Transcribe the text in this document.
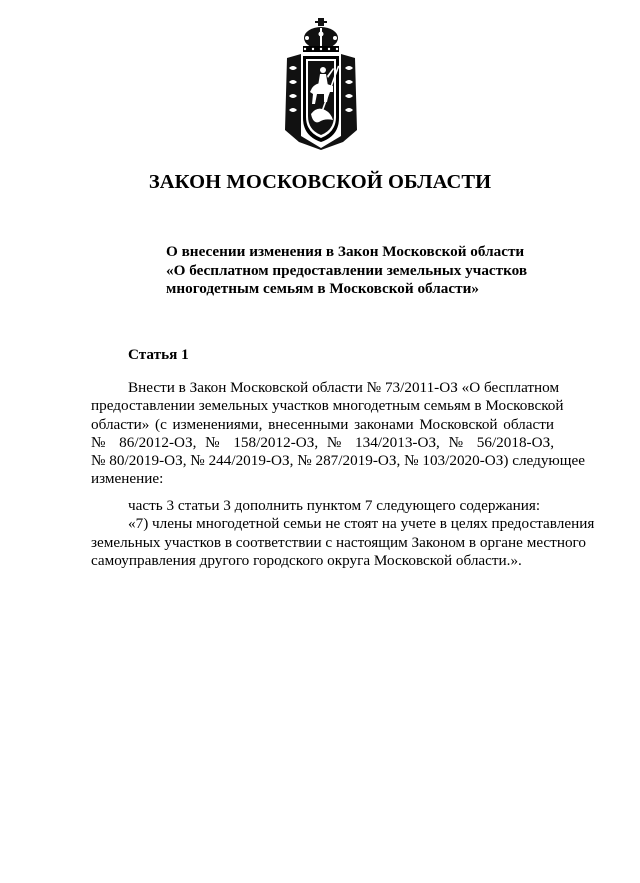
ЗАКОН МОСКОВСКОЙ ОБЛАСТИ
О внесении изменения в Закон Московской области
«О бесплатном предоставлении земельных участков
многодетным семьям в Московской области»
Статья 1
Внести в Закон Московской области № 73/2011-ОЗ «О бесплатном
предоставлении земельных участков многодетным семьям в Московской
области» (с изменениями, внесенными законами Московской области
№ 86/2012-ОЗ, № 158/2012-ОЗ, № 134/2013-ОЗ, № 56/2018-ОЗ,
№ 80/2019-ОЗ, № 244/2019-ОЗ, № 287/2019-ОЗ, № 103/2020-ОЗ) следующее
изменение:
часть 3 статьи 3 дополнить пунктом 7 следующего содержания:
«7) члены многодетной семьи не стоят на учете в целях предоставления
земельных участков в соответствии с настоящим Законом в органе местного
самоуправления другого городского округа Московской области.».
